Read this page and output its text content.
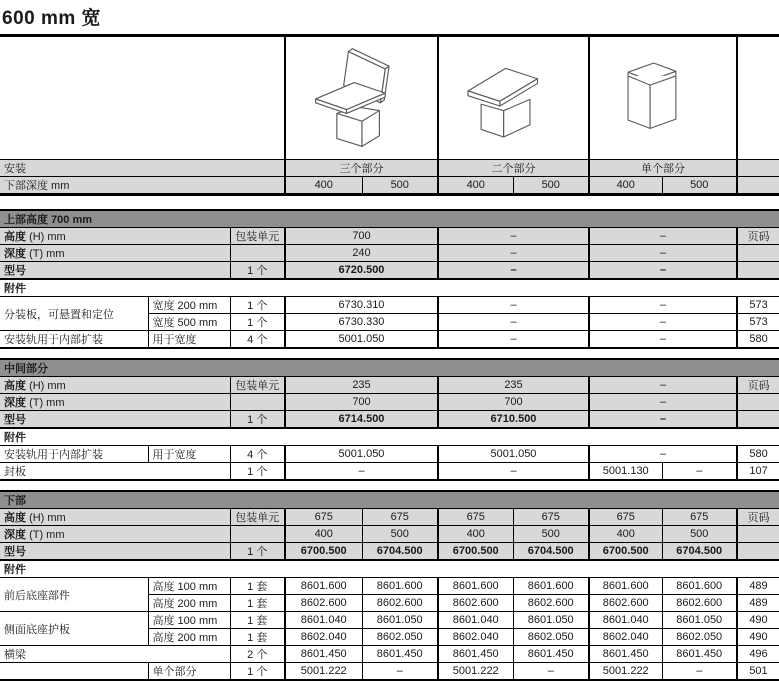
600 mm 宽

安装	三个部分		二个部分		单个部分		
下部深度 mm	400	500	400	500	400	500	
上部高度 700 mm						
高度 (H) mm		包装单元	700	–	–	页码
深度 (T) mm			240	–	–	
型号		1 个	6720.500	–	–	
附件						
分装板，可悬置和定位	宽度 200 mm	1 个	6730.310	–	–	573
	宽度 500 mm	1 个	6730.330	–	–	573
安装轨用于内部扩装	用于宽度	4 个	5001.050	–	–	580
中间部分							
高度 (H) mm		包装单元	235	235	–		页码
深度 (T) mm			700	700	–		
型号		1 个	6714.500	6710.500	–		
附件							
安装轨用于内部扩装	用于宽度	4 个	5001.050	5001.050	–		580
封板		1 个	–	–	5001.130	–	107
下部									
高度 (H) mm		包装单元	675	675	675	675	675	675	页码
深度 (T) mm			400	500	400	500	400	500	
型号		1 个	6700.500	6704.500	6700.500	6704.500	6700.500	6704.500	
附件									
前后底座部件	高度 100 mm	1 套	8601.600	8601.600	8601.600	8601.600	8601.600	8601.600	489
	高度 200 mm	1 套	8602.600	8602.600	8602.600	8602.600	8602.600	8602.600	489
侧面底座护板	高度 100 mm	1 套	8601.040	8601.050	8601.040	8601.050	8601.040	8601.050	490
	高度 200 mm	1 套	8602.040	8602.050	8602.040	8602.050	8602.040	8602.050	490
横梁		2 个	8601.450	8601.450	8601.450	8601.450	8601.450	8601.450	496
	单个部分	1 个	5001.222	–	5001.222	–	5001.222	–	501
